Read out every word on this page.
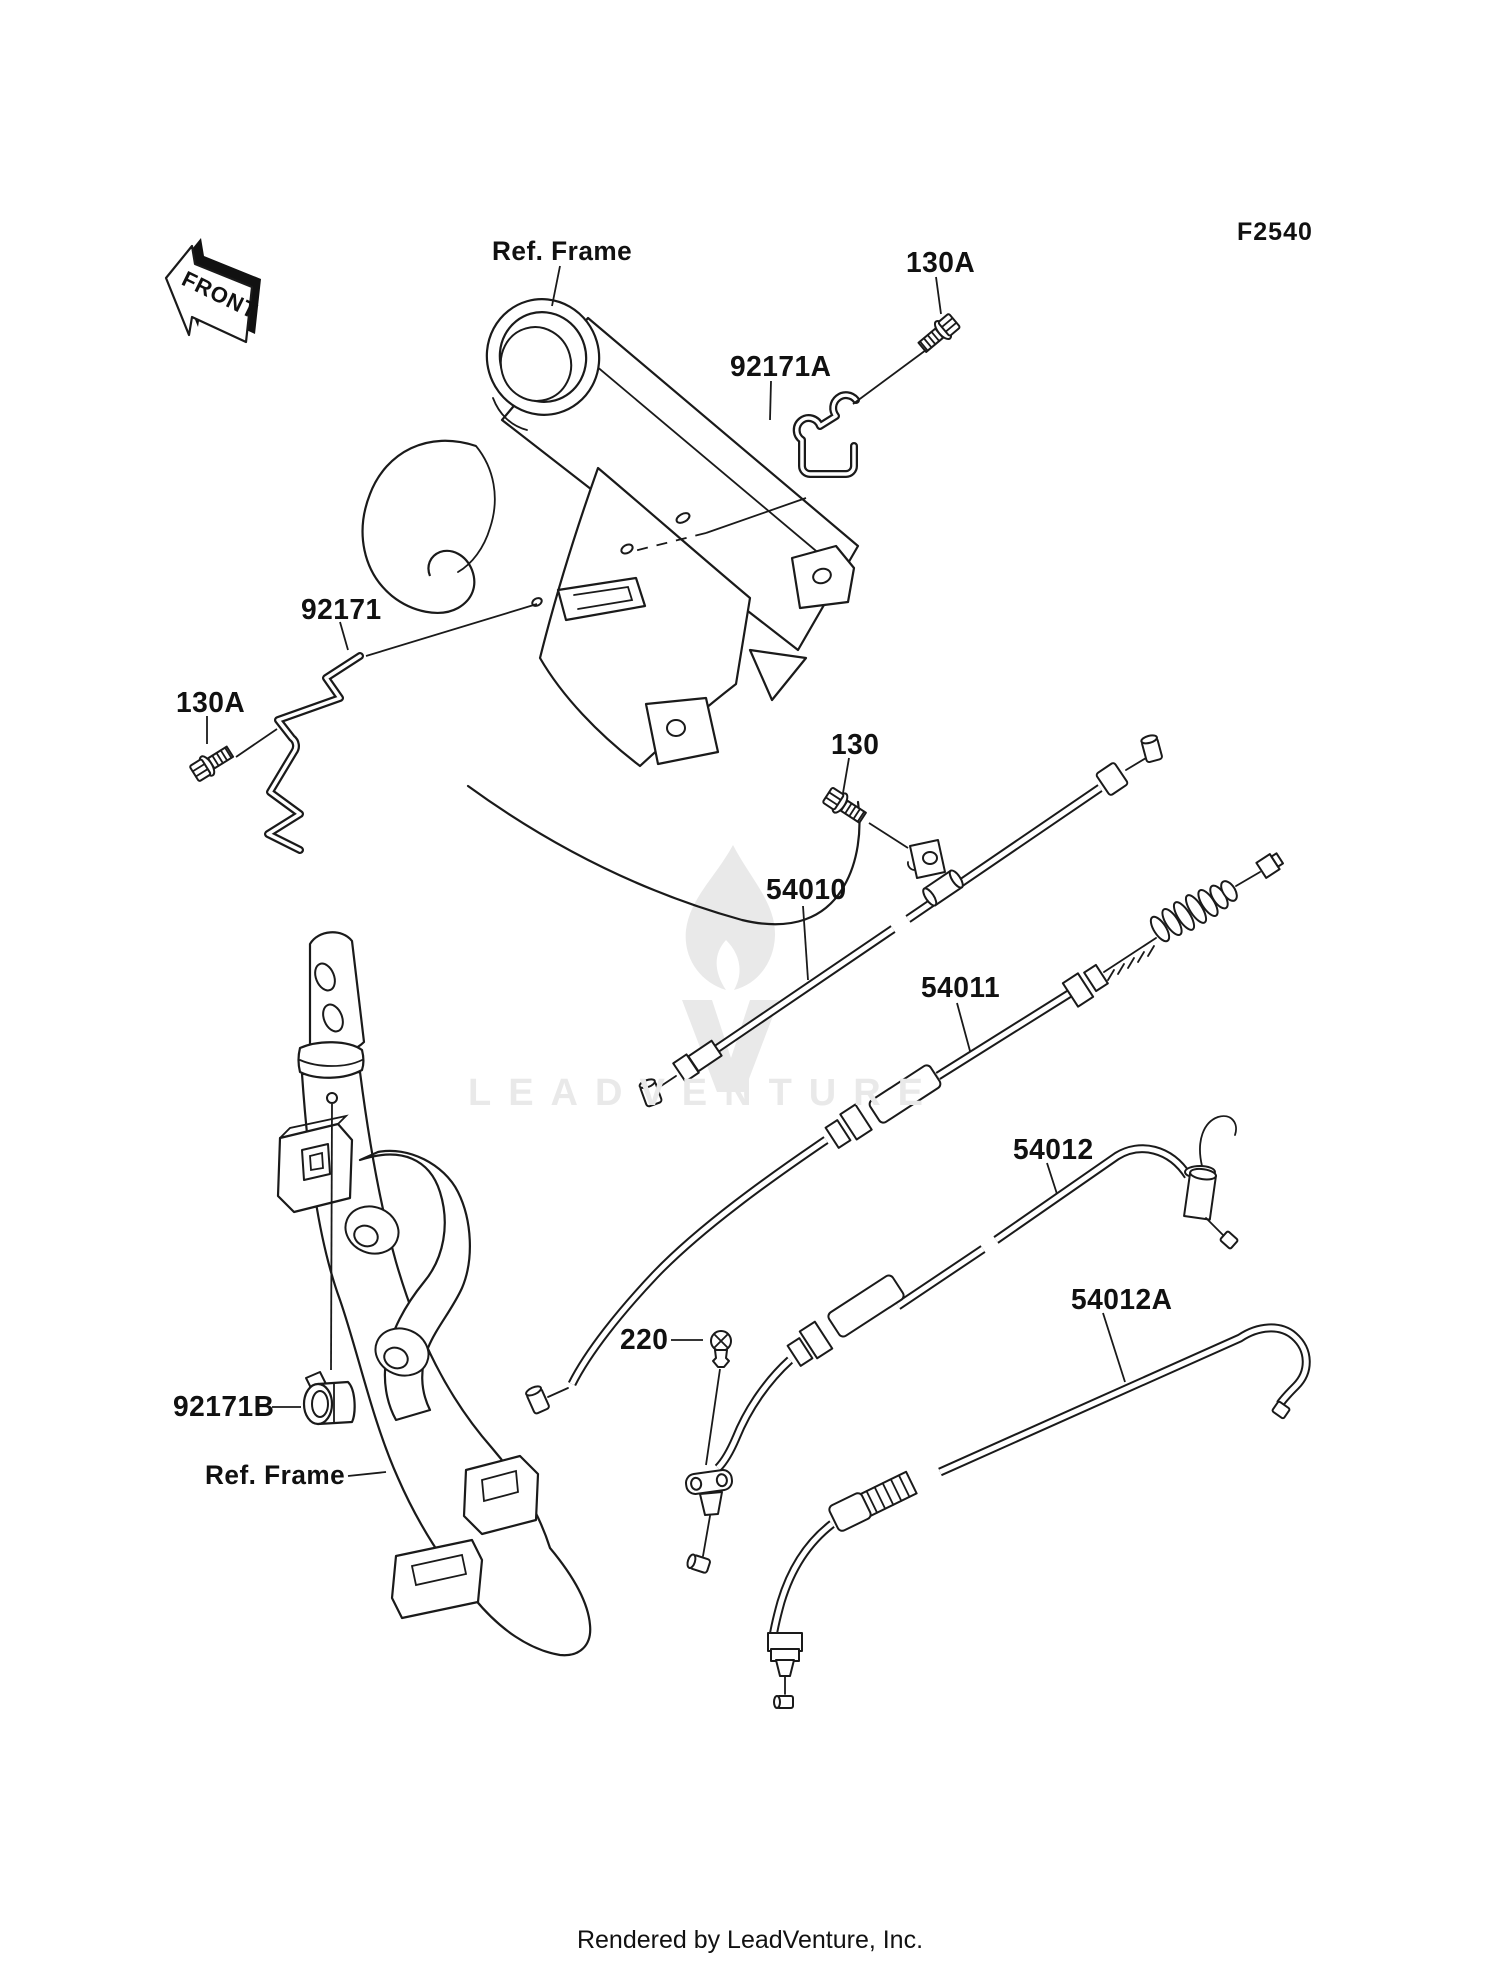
LEADVENTURE
F2540
FRONT
Ref. Frame	130A
92171A
92171
130A
130
54010
54011
54012
54012A
220
92171B
Ref. Frame
Rendered by LeadVenture, Inc.
